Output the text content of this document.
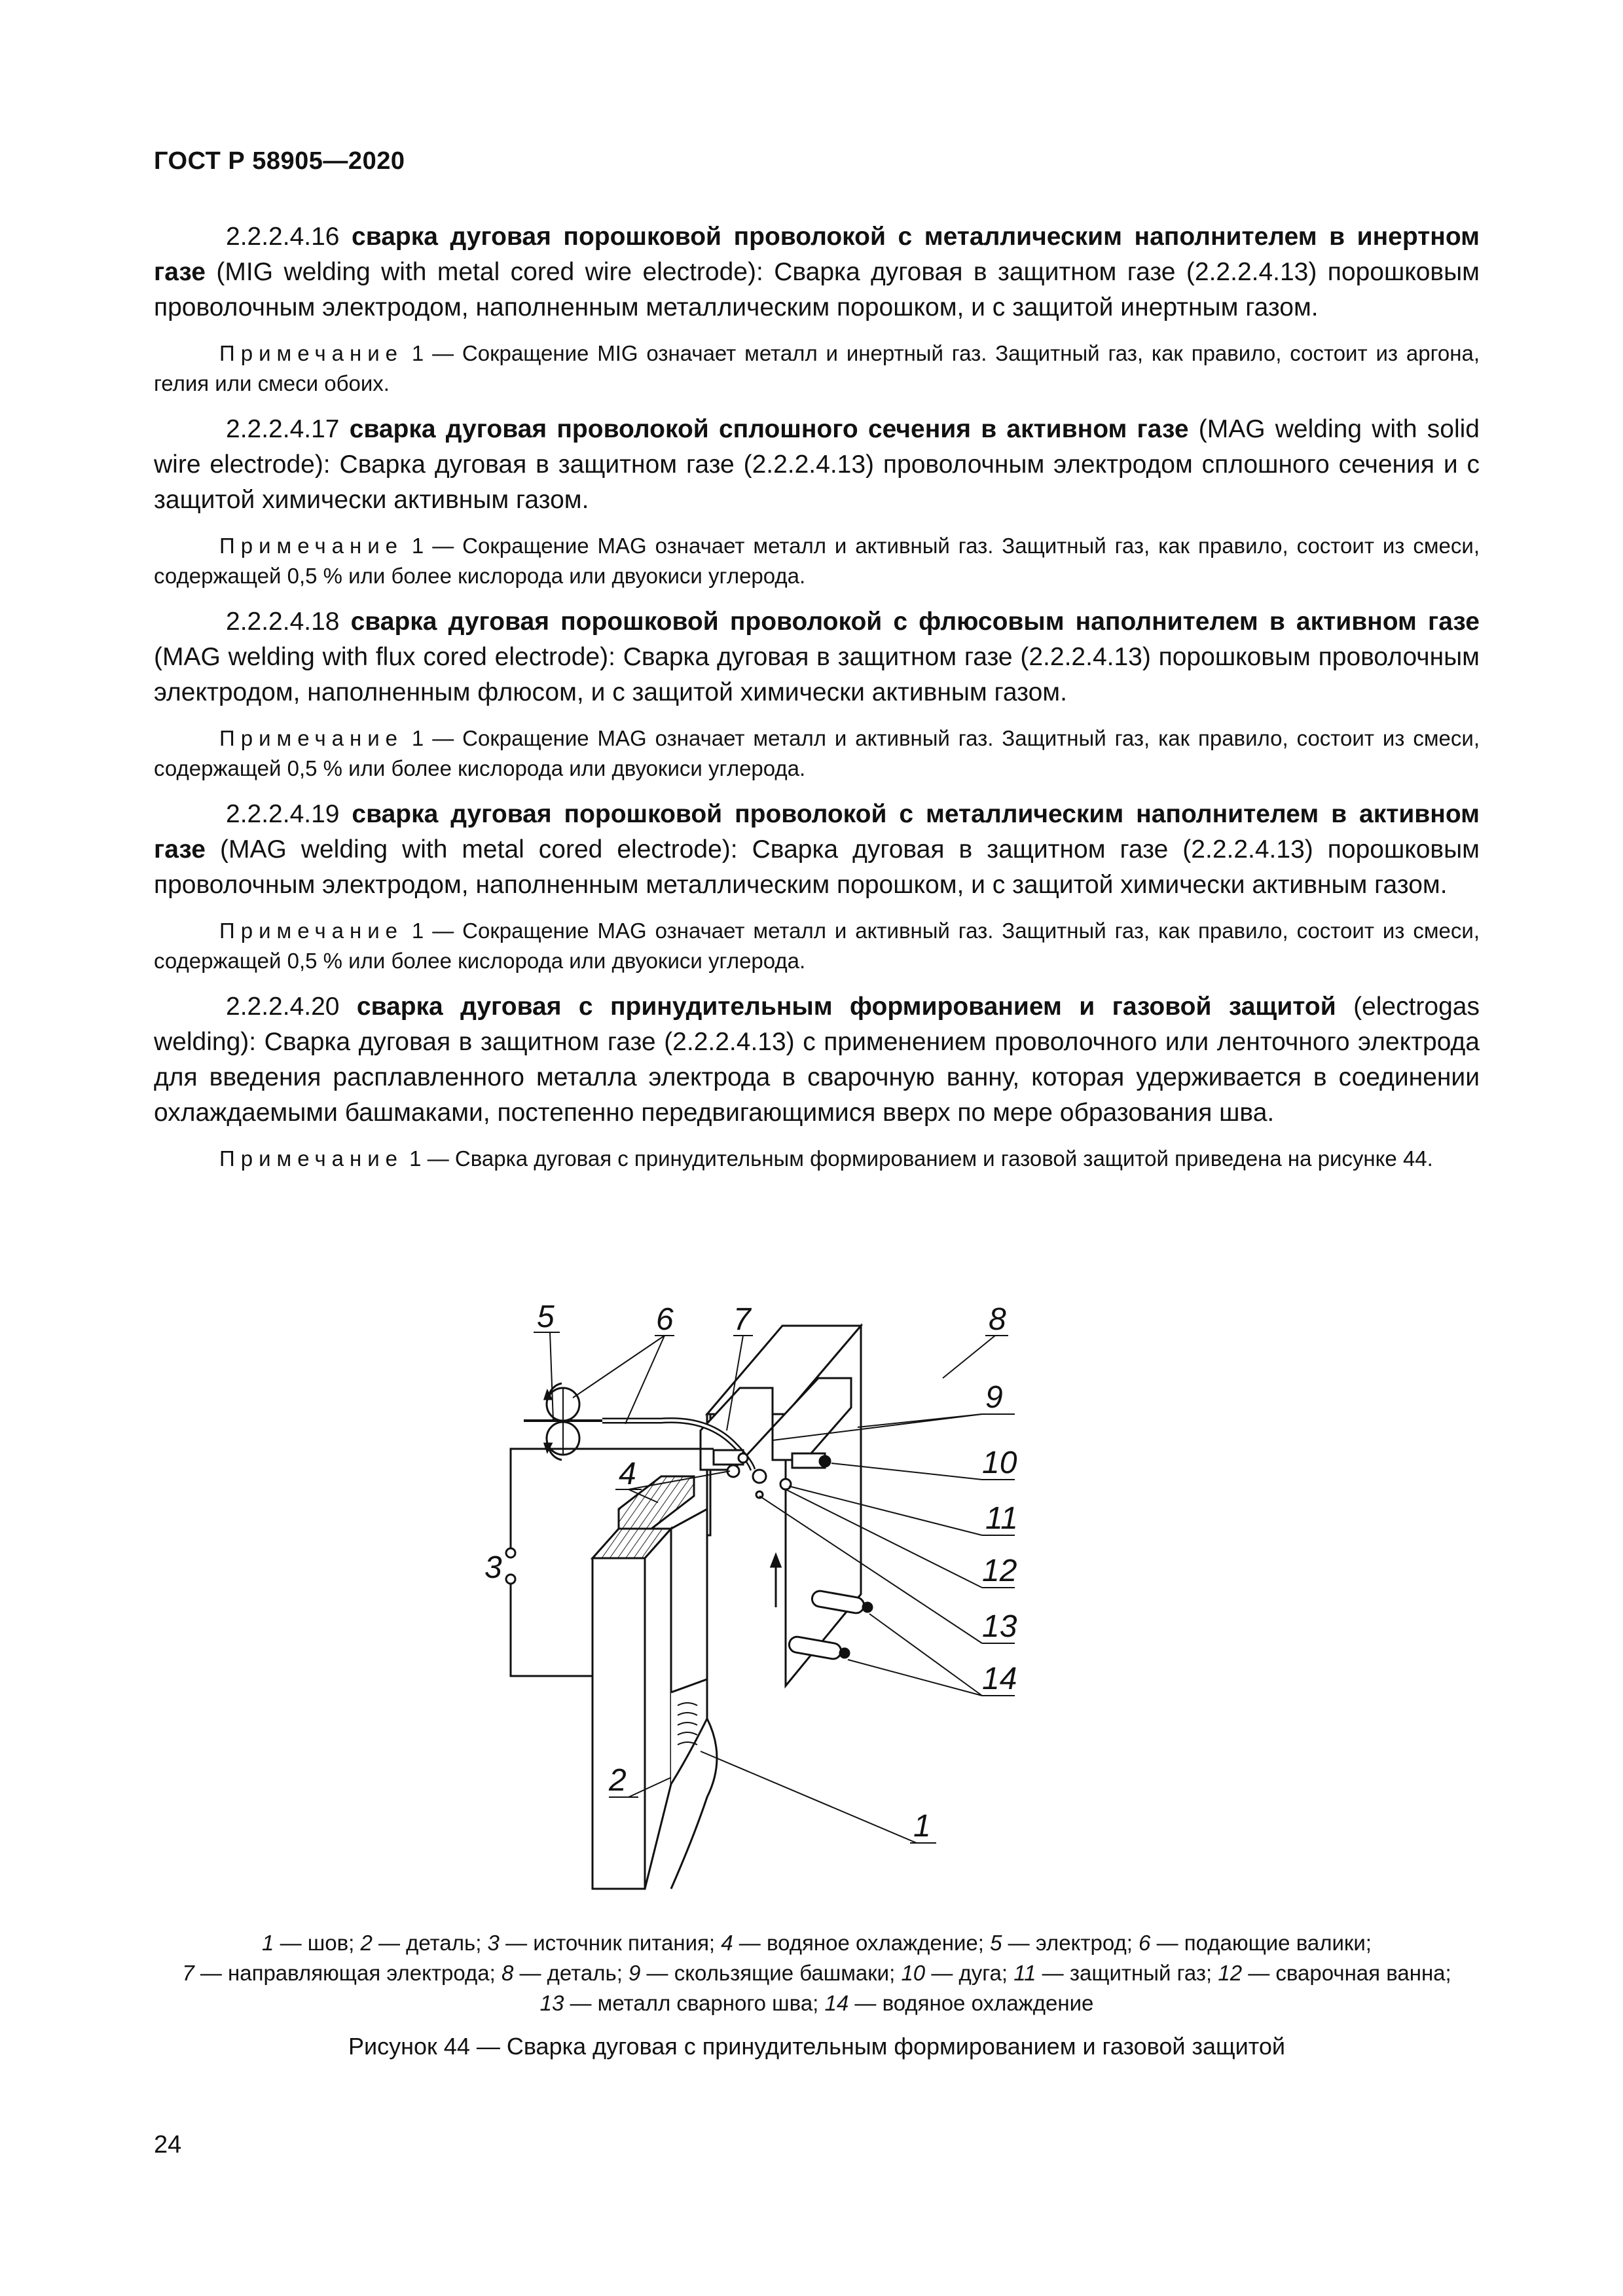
ГОСТ Р 58905—2020

2.2.2.4.16 сварка дуговая порошковой проволокой с металлическим наполнителем в инертном газе (MIG welding with metal cored wire electrode): Сварка дуговая в защитном газе (2.2.2.4.13) порошковым проволочным электродом, наполненным металлическим порошком, и с защитой инертным газом.

Примечание 1 — Сокращение MIG означает металл и инертный газ. Защитный газ, как правило, состоит из аргона, гелия или смеси обоих.

2.2.2.4.17 сварка дуговая проволокой сплошного сечения в активном газе (MAG welding with solid wire electrode): Сварка дуговая в защитном газе (2.2.2.4.13) проволочным электродом сплошного сечения и с защитой химически активным газом.

Примечание 1 — Сокращение MAG означает металл и активный газ. Защитный газ, как правило, состоит из смеси, содержащей 0,5 % или более кислорода или двуокиси углерода.

2.2.2.4.18 сварка дуговая порошковой проволокой с флюсовым наполнителем в активном газе (MAG welding with flux cored electrode): Сварка дуговая в защитном газе (2.2.2.4.13) порошковым проволочным электродом, наполненным флюсом, и с защитой химически активным газом.

Примечание 1 — Сокращение MAG означает металл и активный газ. Защитный газ, как правило, состоит из смеси, содержащей 0,5 % или более кислорода или двуокиси углерода.

2.2.2.4.19 сварка дуговая порошковой проволокой с металлическим наполнителем в активном газе (MAG welding with metal cored electrode): Сварка дуговая в защитном газе (2.2.2.4.13) порошковым проволочным электродом, наполненным металлическим порошком, и с защитой химически активным газом.

Примечание 1 — Сокращение MAG означает металл и активный газ. Защитный газ, как правило, состоит из смеси, содержащей 0,5 % или более кислорода или двуокиси углерода.

2.2.2.4.20 сварка дуговая с принудительным формированием и газовой защитой (electrogas welding): Сварка дуговая в защитном газе (2.2.2.4.13) с применением проволочного или ленточного электрода для введения расплавленного металла электрода в сварочную ванну, которая удерживается в соединении охлаждаемыми башмаками, постепенно передвигающимися вверх по мере образования шва.

Примечание 1 — Сварка дуговая с принудительным формированием и газовой защитой приведена на рисунке 44.

1
2
3
4
5	6 7	8
9
10
11
12
13
14
1 — шов; 2 — деталь; 3 — источник питания; 4 — водяное охлаждение; 5 — электрод; 6 — подающие валики;
7 — направляющая электрода; 8 — деталь; 9 — скользящие башмаки; 10 — дуга; 11 — защитный газ; 12 — сварочная ванна;
13 — металл сварного шва; 14 — водяное охлаждение
Рисунок 44 — Сварка дуговая с принудительным формированием и газовой защитой
24
